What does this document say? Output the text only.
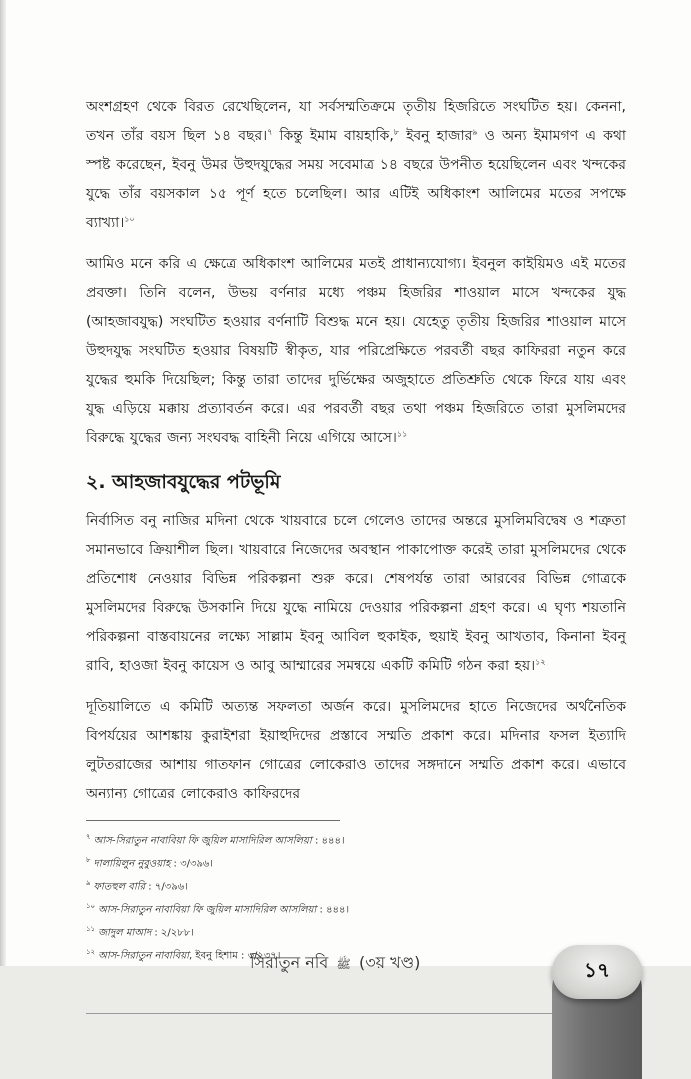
অংশগ্রহণ থেকে বিরত রেখেছিলেন, যা সর্বসম্মতিক্রমে তৃতীয় হিজরিতে সংঘটিত হয়। কেননা, তখন তাঁর বয়স ছিল ১৪ বছর।$^৭$ কিন্তু ইমাম বায়হাকি,$^৮$ ইবনু হাজার$^৯$ ও অন্য ইমামগণ এ কথা স্পষ্ট করেছেন, ইবনু উমর উহুদযুদ্ধের সময় সবেমাত্র ১৪ বছরে উপনীত হয়েছিলেন এবং খন্দকের যুদ্ধে তাঁর বয়সকাল ১৫ পূর্ণ হতে চলেছিল। আর এটিই অধিকাংশ আলিমের মতের সপক্ষে ব্যাখ্যা।$^{১০}$

আমিও মনে করি এ ক্ষেত্রে অধিকাংশ আলিমের মতই প্রাধান্যযোগ্য। ইবনুল কাইয়িমও এই মতের প্রবক্তা। তিনি বলেন, উভয় বর্ণনার মধ্যে পঞ্চম হিজরির শাওয়াল মাসে খন্দকের যুদ্ধ (আহজাবযুদ্ধ) সংঘটিত হওয়ার বর্ণনাটি বিশুদ্ধ মনে হয়। যেহেতু তৃতীয় হিজরির শাওয়াল মাসে উহুদযুদ্ধ সংঘটিত হওয়ার বিষয়টি স্বীকৃত, যার পরিপ্রেক্ষিতে পরবর্তী বছর কাফিররা নতুন করে যুদ্ধের হুমকি দিয়েছিল; কিন্তু তারা তাদের দুর্ভিক্ষের অজুহাতে প্রতিশ্রুতি থেকে ফিরে যায় এবং যুদ্ধ এড়িয়ে মক্কায় প্রত্যাবর্তন করে। এর পরবর্তী বছর তথা পঞ্চম হিজরিতে তারা মুসলিমদের বিরুদ্ধে যুদ্ধের জন্য সংঘবদ্ধ বাহিনী নিয়ে এগিয়ে আসে।$^{১১}$

২. আহজাবযুদ্ধের পটভূমি

নির্বাসিত বনু নাজির মদিনা থেকে খায়বারে চলে গেলেও তাদের অন্তরে মুসলিমবিদ্বেষ ও শত্রুতা সমানভাবে ক্রিয়াশীল ছিল। খায়বারে নিজেদের অবস্থান পাকাপোক্ত করেই তারা মুসলিমদের থেকে প্রতিশোধ নেওয়ার বিভিন্ন পরিকল্পনা শুরু করে। শেষপর্যন্ত তারা আরবের বিভিন্ন গোত্রকে মুসলিমদের বিরুদ্ধে উসকানি দিয়ে যুদ্ধে নামিয়ে দেওয়ার পরিকল্পনা গ্রহণ করে। এ ঘৃণ্য শয়তানি পরিকল্পনা বাস্তবায়নের লক্ষ্যে সাল্লাম ইবনু আবিল হুকাইক, হুয়াই ইবনু আখতাব, কিনানা ইবনু রাবি, হাওজা ইবনু কায়েস ও আবু আম্মারের সমন্বয়ে একটি কমিটি গঠন করা হয়।$^{১২}$

দূতিয়ালিতে এ কমিটি অত্যন্ত সফলতা অর্জন করে। মুসলিমদের হাতে নিজেদের অর্থনৈতিক বিপর্যয়ের আশঙ্কায় কুরাইশরা ইয়াহুদিদের প্রস্তাবে সম্মতি প্রকাশ করে। মদিনার ফসল ইত্যাদি লুটতরাজের আশায় গাতফান গোত্রের লোকেরাও তাদের সঙ্গদানে সম্মতি প্রকাশ করে। এভাবে অন্যান্য গোত্রের লোকেরাও কাফিরদের

$^৭$ আস-সিরাতুন নাবাবিয়া ফি জুয়িল মাসাদিরিল আসলিয়া : ৪৪৪।
$^৮$ দালায়িলুন নুবুওয়াহ : ৩/৩৯৬।
$^৯$ ফাতহুল বারি : ৭/৩৯৬।
$^{১০}$ আস-সিরাতুন নাবাবিয়া ফি জুয়িল মাসাদিরিল আসলিয়া : ৪৪৪।
$^{১১}$ জাদুল মাআদ : ২/২৮৮।
$^{১২}$ আস-সিরাতুন নাবাবিয়া, ইবনু হিশাম : ৩/২৩৭।
সিরাতুন নবি ﷺ (৩য় খণ্ড)	১৭
